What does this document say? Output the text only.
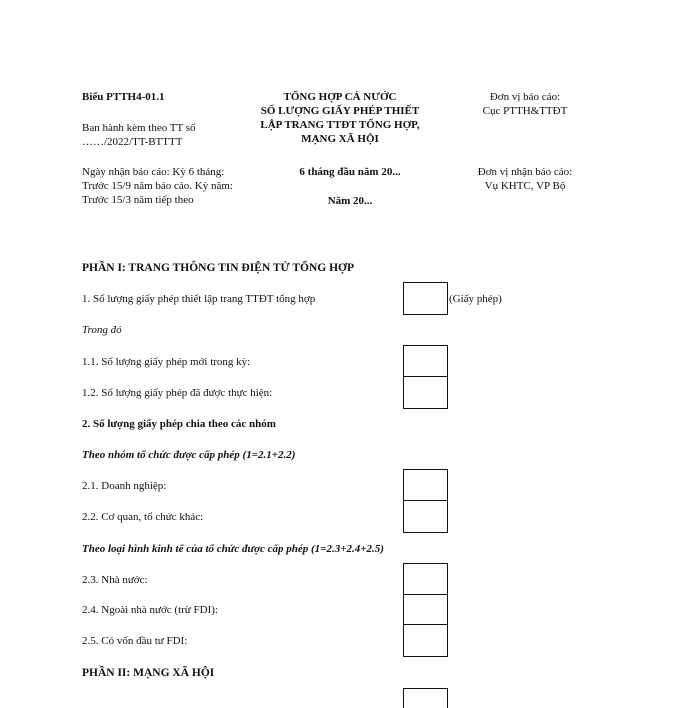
Biểu PTTH4-01.1
Ban hành kèm theo TT số
……/2022/TT-BTTTT
TỔNG HỢP CẢ NƯỚC
SỐ LƯỢNG GIẤY PHÉP THIẾT
LẬP TRANG TTĐT TỔNG HỢP,
MẠNG XÃ HỘI
Đơn vị báo cáo:
Cục PTTH&TTĐT
Ngày nhận báo cáo: Kỳ 6 tháng:
Trước 15/9 năm báo cáo. Kỳ năm:
Trước 15/3 năm tiếp theo
6 tháng đầu năm 20...
Năm 20...
Đơn vị nhận báo cáo:
Vụ KHTC, VP Bộ
PHẦN I: TRANG THÔNG TIN ĐIỆN TỬ TỔNG HỢP
1. Số lượng giấy phép thiết lập trang TTĐT tổng hợp	(Giấy phép)
Trong đó
1.1. Số lượng giấy phép mới trong kỳ:
1.2. Số lượng giấy phép đã được thực hiện:
2. Số lượng giấy phép chia theo các nhóm
Theo nhóm tổ chức được cấp phép (1=2.1+2.2)
2.1. Doanh nghiệp:
2.2. Cơ quan, tổ chức khác:
Theo loại hình kinh tế của tổ chức được cấp phép (1=2.3+2.4+2.5)
2.3. Nhà nước:
2.4. Ngoài nhà nước (trừ FDI):
2.5. Có vốn đầu tư FDI:
PHẦN II: MẠNG XÃ HỘI
